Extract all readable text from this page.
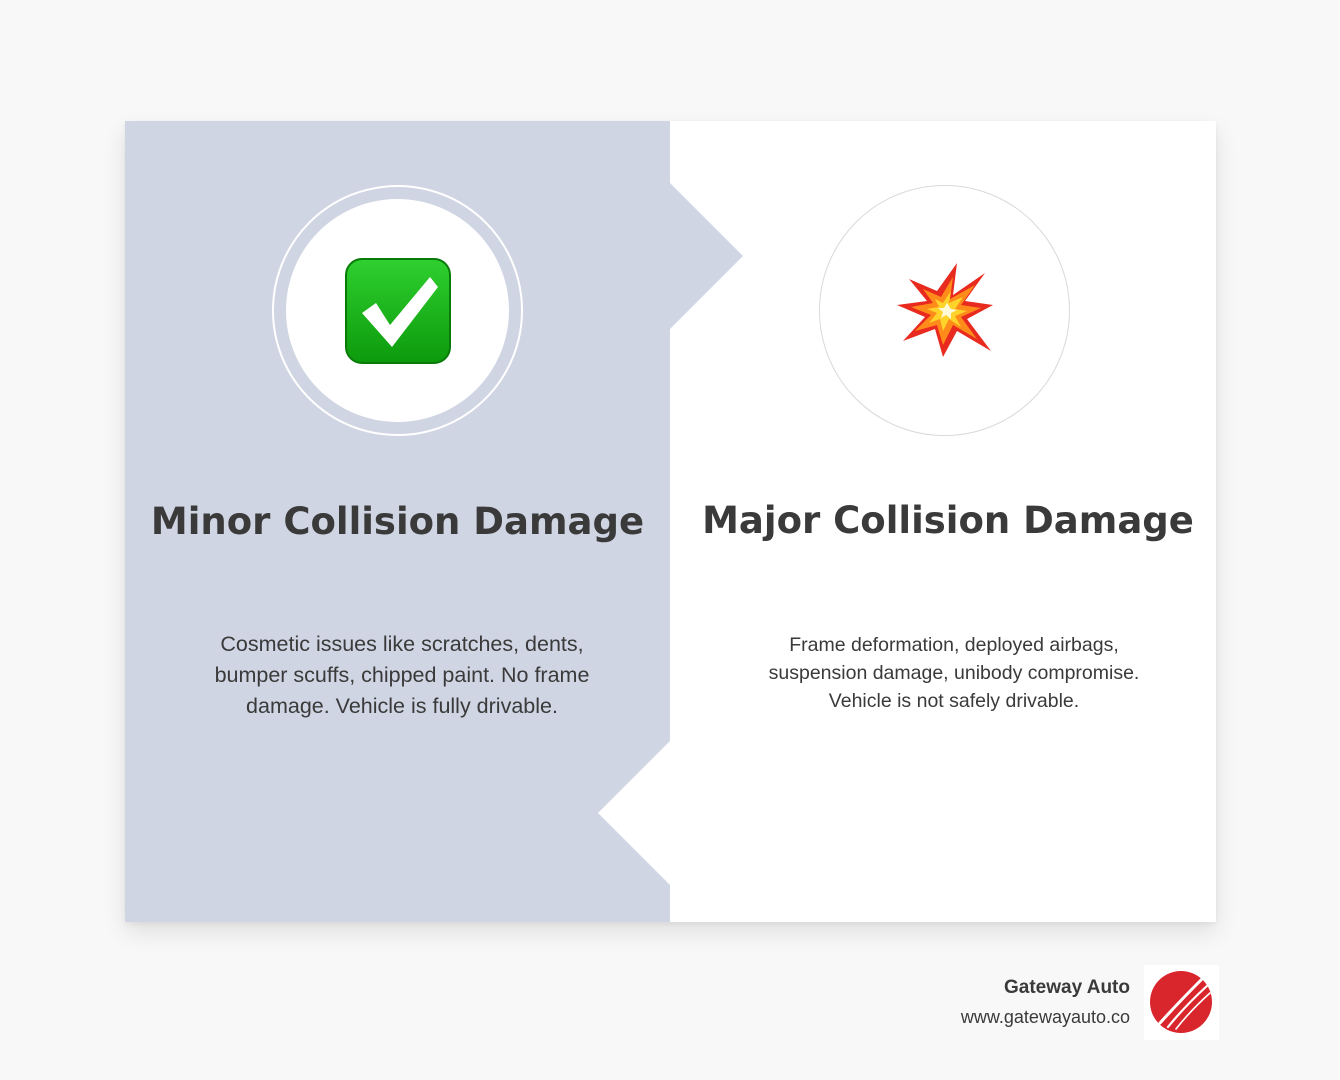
Minor Collision Damage

Cosmetic issues like scratches, dents, bumper scuffs, chipped paint. No frame damage. Vehicle is fully drivable.

Major Collision Damage

Frame deformation, deployed airbags, suspension damage, unibody compromise. Vehicle is not safely drivable.

Gateway Auto
www.gatewayauto.co
